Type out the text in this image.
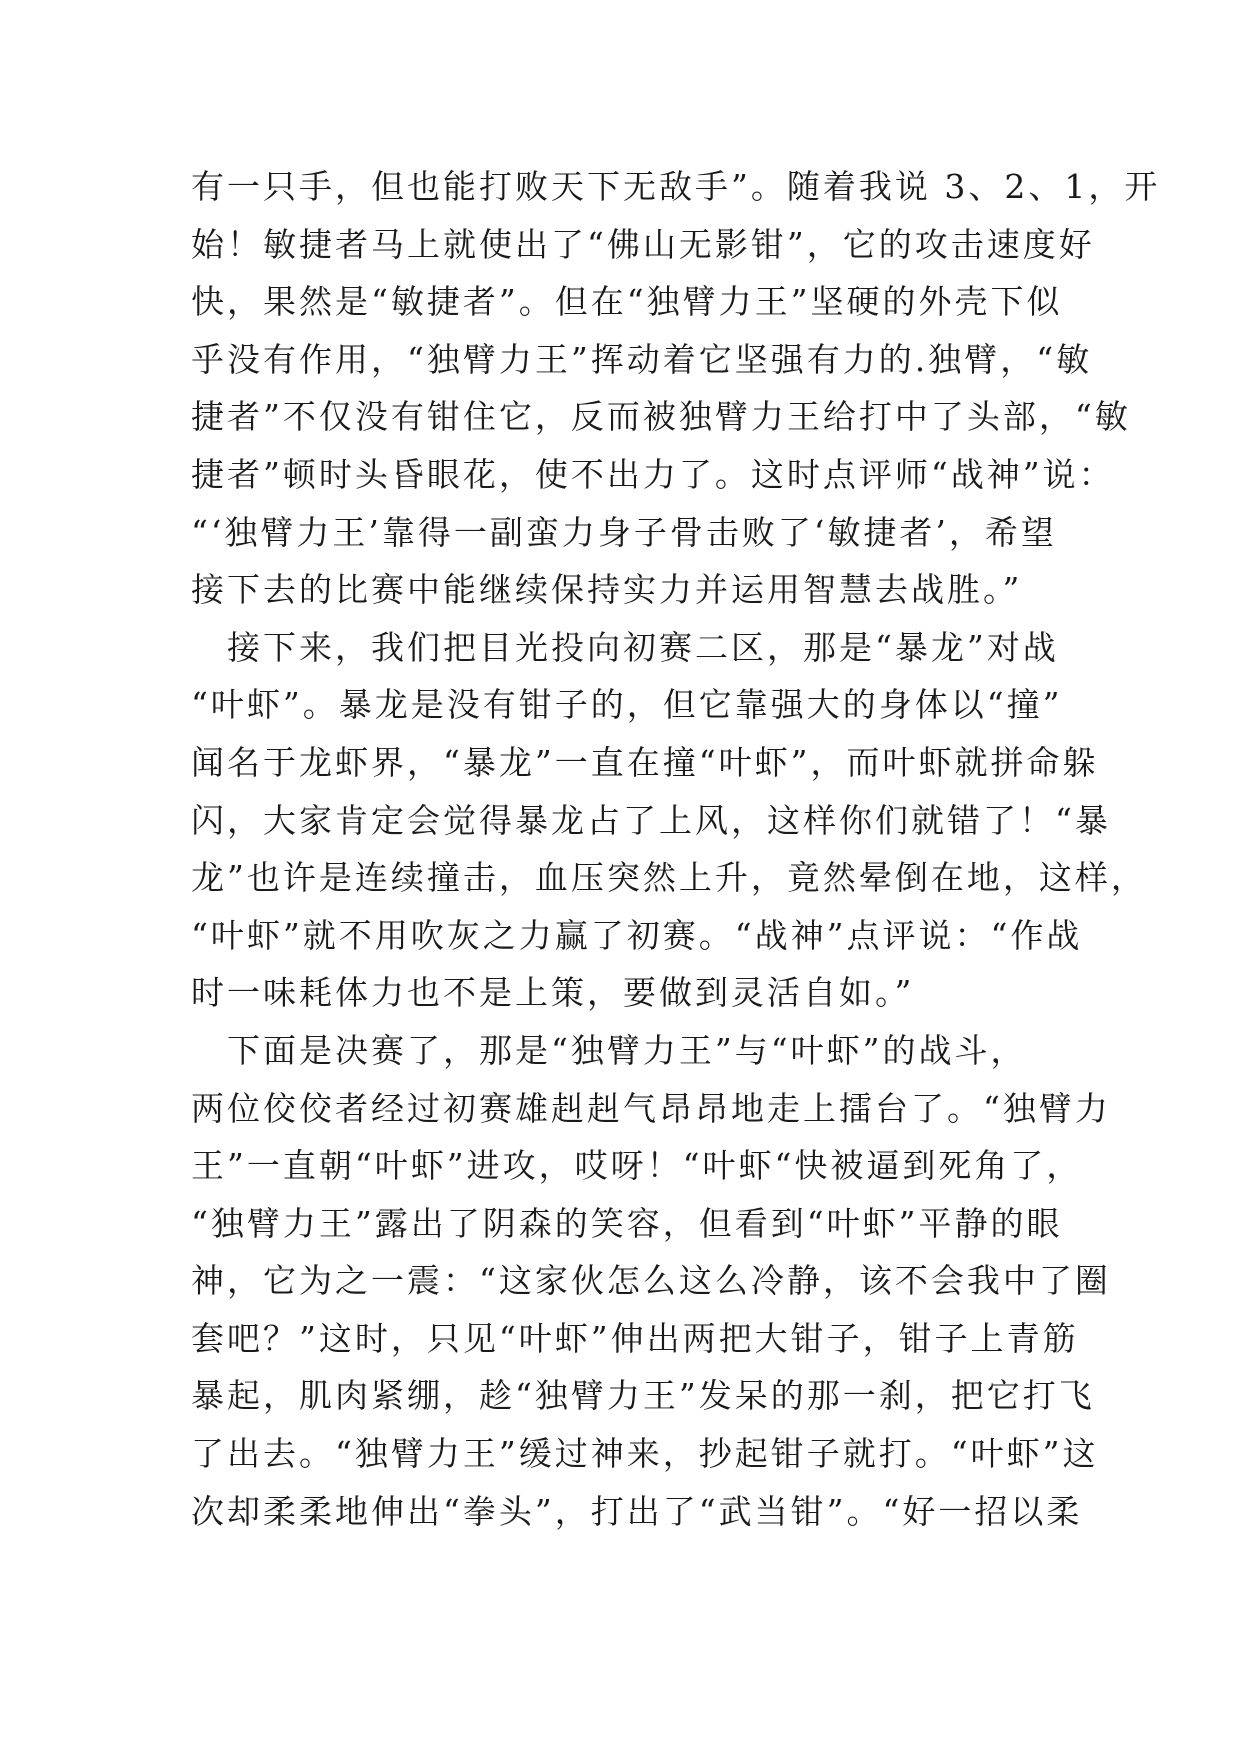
有一只手，但也能打败天下无敌手”。随着我说 3、2、1，开
始！敏捷者马上就使出了“佛山无影钳”，它的攻击速度好
快，果然是“敏捷者”。但在“独臂力王”坚硬的外壳下似
乎没有作用，“独臂力王”挥动着它坚强有力的.独臂，“敏
捷者”不仅没有钳住它，反而被独臂力王给打中了头部，“敏
捷者”顿时头昏眼花，使不出力了。这时点评师“战神”说：
“‘独臂力王’靠得一副蛮力身子骨击败了‘敏捷者’，希望
接下去的比赛中能继续保持实力并运用智慧去战胜。”
　接下来，我们把目光投向初赛二区，那是“暴龙”对战
“叶虾”。暴龙是没有钳子的，但它靠强大的身体以“撞”
闻名于龙虾界，“暴龙”一直在撞“叶虾”，而叶虾就拼命躲
闪，大家肯定会觉得暴龙占了上风，这样你们就错了！“暴
龙”也许是连续撞击，血压突然上升，竟然晕倒在地，这样，
“叶虾”就不用吹灰之力赢了初赛。“战神”点评说：“作战
时一味耗体力也不是上策，要做到灵活自如。”
　下面是决赛了，那是“独臂力王”与“叶虾”的战斗，
两位佼佼者经过初赛雄赳赳气昂昂地走上擂台了。“独臂力
王”一直朝“叶虾”进攻，哎呀！“叶虾“快被逼到死角了，
“独臂力王”露出了阴森的笑容，但看到“叶虾”平静的眼
神，它为之一震：“这家伙怎么这么冷静，该不会我中了圈
套吧？”这时，只见“叶虾”伸出两把大钳子，钳子上青筋
暴起，肌肉紧绷，趁“独臂力王”发呆的那一刹，把它打飞
了出去。“独臂力王”缓过神来，抄起钳子就打。“叶虾”这
次却柔柔地伸出“拳头”，打出了“武当钳”。“好一招以柔
